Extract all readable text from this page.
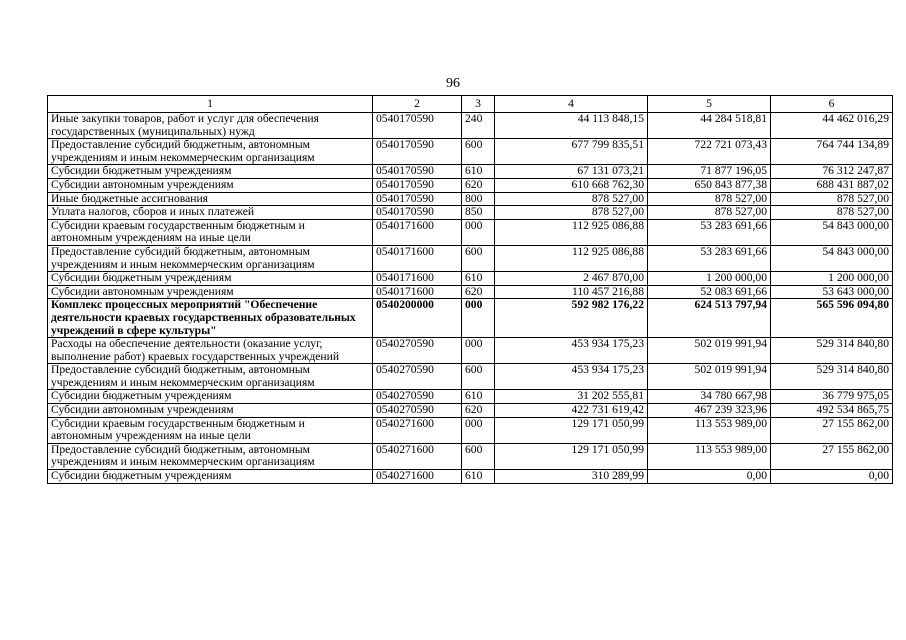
96
1	2	3	4	5	6
Иные закупки товаров, работ и услуг для обеспечения государственных (муниципальных) нужд	0540170590	240	44 113 848,15	44 284 518,81	44 462 016,29
Предоставление субсидий бюджетным, автономным учреждениям и иным некоммерческим организациям	0540170590	600	677 799 835,51	722 721 073,43	764 744 134,89
Субсидии бюджетным учреждениям	0540170590	610	67 131 073,21	71 877 196,05	76 312 247,87
Субсидии автономным учреждениям	0540170590	620	610 668 762,30	650 843 877,38	688 431 887,02
Иные бюджетные ассигнования	0540170590	800	878 527,00	878 527,00	878 527,00
Уплата налогов, сборов и иных платежей	0540170590	850	878 527,00	878 527,00	878 527,00
Субсидии краевым государственным бюджетным и автономным учреждениям на иные цели	0540171600	000	112 925 086,88	53 283 691,66	54 843 000,00
Предоставление субсидий бюджетным, автономным учреждениям и иным некоммерческим организациям	0540171600	600	112 925 086,88	53 283 691,66	54 843 000,00
Субсидии бюджетным учреждениям	0540171600	610	2 467 870,00	1 200 000,00	1 200 000,00
Субсидии автономным учреждениям	0540171600	620	110 457 216,88	52 083 691,66	53 643 000,00
Комплекс процессных мероприятий "Обеспечение деятельности краевых государственных образовательных учреждений в сфере культуры"	0540200000	000	592 982 176,22	624 513 797,94	565 596 094,80
Расходы на обеспечение деятельности (оказание услуг, выполнение работ) краевых государственных учреждений	0540270590	000	453 934 175,23	502 019 991,94	529 314 840,80
Предоставление субсидий бюджетным, автономным учреждениям и иным некоммерческим организациям	0540270590	600	453 934 175,23	502 019 991,94	529 314 840,80
Субсидии бюджетным учреждениям	0540270590	610	31 202 555,81	34 780 667,98	36 779 975,05
Субсидии автономным учреждениям	0540270590	620	422 731 619,42	467 239 323,96	492 534 865,75
Субсидии краевым государственным бюджетным и автономным учреждениям на иные цели	0540271600	000	129 171 050,99	113 553 989,00	27 155 862,00
Предоставление субсидий бюджетным, автономным учреждениям и иным некоммерческим организациям	0540271600	600	129 171 050,99	113 553 989,00	27 155 862,00
Субсидии бюджетным учреждениям	0540271600	610	310 289,99	0,00	0,00
